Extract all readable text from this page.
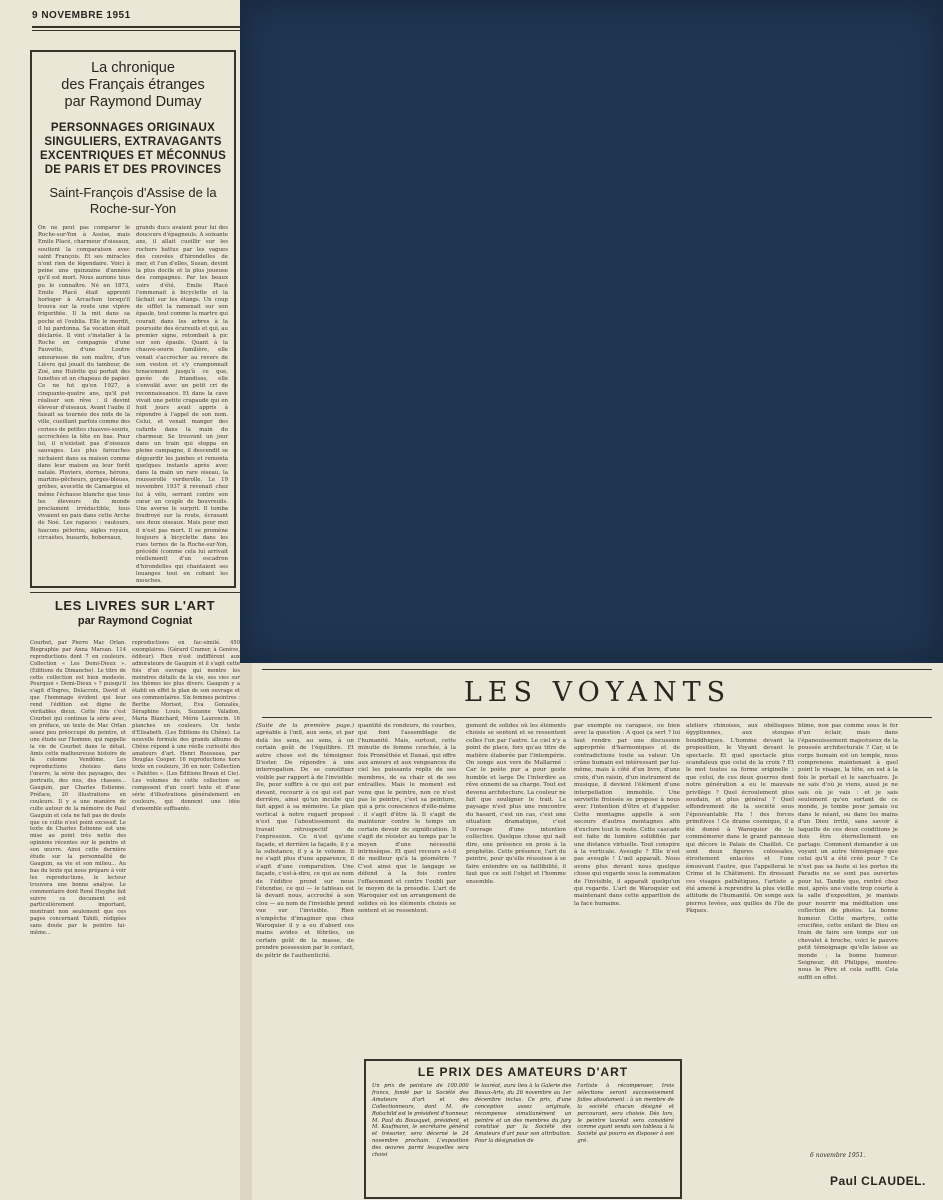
9 NOVEMBRE 1951
La chronique
des Français étranges
par Raymond Dumay
PERSONNAGES ORIGINAUX SINGULIERS, EXTRAVAGANTS EXCENTRIQUES ET MÉCONNUS DE PARIS ET DES PROVINCES
Saint-François d'Assise de la Roche-sur-Yon
On ne peut pas comparer le Roche-sur-Yon à Assise, mais Emile Placé, charmeur d'oiseaux, soutient la comparaison avec saint François. Et ses miracles n'ont rien de légendaire. Voici à peine une quinzaine d'années qu'il est mort. Nous aurions tous pu le connaître. Né en 1873, Emile Placé était apprenti horloger à Arcachon lorsqu'il trouva sur la route une vipère frigorifiée. Il la mit dans sa poche et l'oublia. Elle le mordit, il lui pardonna. Sa vocation était déclarée. Il vint s'installer à la Roche en compagnie d'une Fauvette, d'une Loutre amoureuse de son maître, d'un Lièvre qui jouait du tambour, de Zoé, une Hulotte qui portait des lunettes et un chapeau de papier. Ce ne fut qu'en 1927, à cinquante-quatre ans, qu'il put réaliser son rêve : il devint éleveur d'oiseaux. Avant l'aube il faisait sa tournée des nids de la ville, cueillant parfois comme des cerises de petites chauves-souris, accrochées la tête en bas. Pour lui, il n'existait pas d'oiseaux sauvages. Les plus farouches nichaient dans sa maison comme dans leur maison au leur forêt natale. Pluviers, sternes, hérons, martins-pêcheurs, gorges-bleues, grèbes, avocette de Camargue et même l'échasse blanche que tous les éleveurs du monde proclament irréductible, tous vivaient en paix dans cette Arche de Noé. Les rapaces : vautours, faucons pèlerins, aigles royaux, circaètes, busards, hobereaux,
grands ducs avaient pour lui des douceurs d'épagneuls. A soixante ans, il allait cueillir sur les rochers battus par les vagues des couvées d'hirondelles de mer, et l'un d'elles, Susan, devint la plus docile et la plus joueuse des compagnes. Par les beaux soirs d'été, Emile Placé l'emmenait à bicyclette et la lâchait sur les étangs. Un coup de sifflet la ramenait sur son épaule, tout comme la martre qui courait dans les arbres à la poursuite des écureuils et qui, au premier signe, retombait à pic sur son épaule. Quant à la chauve-souris familière, elle venait s'accrocher au revers de son veston et s'y cramponnait tenacement jusqu'à ce que, gavée de friandises, elle s'envolât avec un petit cri de reconnaissance. Et dans la cave vivait une petite crapaude qui en huit jours avait appris à répondre à l'appel de son nom. Celui, et venait manger des cafards dans la main du charmeur. Se trouvant un jour dans un train qui stoppa en pleine campagne, il descendit se dégourdir les jambes et remonta quelques instants après avec dans la main un rare oiseau, la rousserolle verderolle. Le 19 novembre 1937 il revenait chez lui à vélo, serrant contre son cœur un couple de bouvreuils. Une averse le surprit. Il tomba foudroyé sur la route, écrasant ses deux oiseaux. Mais pour moi il n'est pas mort. Il se promène toujours à bicyclette dans les rues ternes de la Roche-sur-Yon, précédé (comme cela lui arrivait réellement) d'un escadron d'hirondelles qui chantaient ses louanges tout en cobant les mouches.
LES LIVRES SUR L'ART
par Raymond Cogniat
Courbet, par Pierre Mac Orlan. Biographie par Anna Marsan. 114 reproductions dont 7 en couleurs. Collection « Les Demi-Dieux ». (Editions du Dimanche). Le titre de cette collection est bien modeste. Pourquoi « Demi-Dieux » ? puisqu'il s'agit d'Ingres, Delacroix, David et que l'hommage évident qui leur rend l'édition est digne de véritables dieux. Cette fois c'est Courbet qui continue la série avec, en préface, un texte de Mac Orlan assez peu préoccupé du peintre, et une étude sur l'homme, qui rappelle la vie de Courbet dans le détail. Amis cette malheureuse histoire de la colonne Vendôme. Les reproductions choisies dans l'œuvre, la série des paysages, des portraits, des nus, des chasses... Gauguin, par Charles Estienne. Préface, 20 illustrations en couleurs. Il y a une manière de culte autour de la mémoire de Paul Gauguin et cela ne fait pas de doute que ce culte n'est point excessif. Le texte de Charles Estienne est une mise au point très nette des opinions récentes sur le peintre et son œuvre. Ainsi cette dernière étude sur la personnalité de Gauguin, sa vie et son milieu... Au bas du texte qui nous prépare à voir les reproductions, le lecteur trouvera une bonne analyse. Le commentaire dont René Huyghe fait suivre ce document est particulièrement important, montrant non seulement que ces pages concernant Tahiti, rédigées sans doute par le peintre lui-même...
reproductions en fac-similé. 450 exemplaires. (Gérard Cramer, à Genève, éditeur). Rien n'est indifférent aux admirateurs de Gauguin et il s'agit cette fois d'un ouvrage qui montre les moindres détails de la vie, ses vies sur les thèmes les plus divers. Gauguin y a établi en effet le plan de son ouvrage et ses commentaires. Six femmes peintres : Berthe Morisot, Eva Gonzalès, Séraphine Louis, Suzanne Valadon, Maria Blanchard, Mérie Laurencin. 16 planches en couleurs. Un texte d'Elisabeth. (Les Éditions du Chêne). La nouvelle formule des grands albums de Chêne répond à une réelle curiosité des amateurs d'art. Henri Rousseau, par Douglas Cooper. 16 reproductions hors texte en couleurs, 36 en noir. Collection « Palettes ». (Les Éditions Braun et Cie). Les volumes de cette collection se composent d'un court texte et d'une série d'illustrations généralement en couleurs, qui donnent une idée d'ensemble suffisante.
LES VOYANTS
(Suite de la première page.) agréable à l'œil, aux sens, et par delà les sens, au sens, à un certain goût de l'équilibre. Et autre chose est de témoigner. D'ester. De répondre à une interrogation. De se constituer visible par rapport à de l'invisible. De, pour suffire à ce qui est par devant, recourir à ce qui est par derrière, ainsi qu'un incube qui fait appel à sa mémoire. Le plan vertical à notre regard proposé n'est que l'aboutissement du travail rétrospectif de l'expression. Ce n'est qu'une façade, et derrière la façade, il y a la substance, il y a le volume. Il ne s'agit plus d'une apparence, il s'agit d'une comparution. Une façade, c'est-à-dire, ce qui au nom de l'édifice prend sur nous l'étendue, ce qui — le tableau est là devant nous, accroché à son clou — au nom de l'invisible prend vue sur l'invisible. Rien n'empêche d'imaginer que chez Waroquier il y a eu d'abord ces mains avides et fébriles, un certain goût de la masse, de prendre possession par le contact, de pétrir de l'authenticité.
quantité de rondeurs, de courbes, qui font l'assemblage de l'humanité. Mais, surtout, cette minutie de femme couchée, à la fois Prométhée et Danaé, qui offre aux amours et aux vengeances du ciel les puissants replis de ses membres, de sa chair et de ses entrailles. Mais le moment est venu que le peintre, non ce n'est pas le peintre, c'est sa peinture, qui a pris conscience d'elle-même : il s'agit d'être là. Il s'agit de maintenir contre le temps un certain devoir de signification. Il s'agit de résister au temps par le moyen d'une nécessité intrinsèque. Et quel recours a-t-il de meilleur qu'à la géométrie ? C'est ainsi que le langage se défend à la fois contre l'effacement et contre l'oubli par le moyen de la prosodie. L'art de Waroquier est un arrangement de solides où les éléments choisis se sentent et se ressentent.
gement de solides où les éléments choisis se sentent et se ressentent celles l'un par l'autre. Le ciel n'y a point de place, fors qu'au titre de matière élaborée par l'intempérie. On songe aux vers de Mallarmé : Car le poète pur a pour geste humble et large De l'interdire au rêve ennemi de sa charge. Tout est devenu architecture. La couleur ne fait que souligner le trait. Le paysage n'est plus une rencontre du hasard, c'est un cas, c'est une situation dramatique, c'est l'ouvrage d'une intention collective. Quelque chose qui naît dire, une présence en proie à la prophétie. Cette présence, l'art du peintre, pour qu'elle réussisse à se faire entendre en sa faillibilité, il faut que ce soit l'objet et l'homme ensemble.
par exemple ou carapace, ou bien avec la question : A quoi ça sert ? lui faut rendre par une discussion appropriée d'harmoniques et de contradictions toute sa valeur. Un crâne humain est intéressant par lui-même, mais à côté d'un livre, d'une croix, d'un raisin, d'un instrument de musique, il devient l'élément d'une interpellation immobile. Une serviette froissée se propose à nous avec l'intention d'être et d'appeler. Cette montagne appelle à son secours d'autres montagnes afin d'exclure tout le reste. Cette cascade est faite de lumière solidifiée par une distance virtuelle. Tout conspire à la verticale. Aveugle ? Elle n'est pas aveugle ! L'œil apparaît. Nous avons plus devant nous quelque chose qui regarde sous la sommation de l'invisible, il apparaît quelqu'un qui regarde. L'art de Waroquier est maintenant dans cette apparition de la face humaine.
ateliers chinoises, aux obélisques égyptiennes, aux stoupas bouddhiques. L'homme devant la proposition, le Voyant devant le spectacle. Et quel spectacle plus scandaleux que celui de la croix ? Et le mot toutes sa forme originelle : que celui, de ces deux guerres dont notre génération a eu le mauvais privilège ? Quel écroulement plus soudain, et plus général ? Quel effondrement de la société sous l'épouvantable Ha ! des forces primitives ! Ce drame cosmique, il a été donné à Waroquier de le commémorer dans le grand panneau qui décore le Palais de Chaillot. Ce sont deux figures colossales, étroitement enlacées et l'une émouvant l'autre, que l'appellerai le Crime et le Châtiment. En dressant ces visages pathétiques, l'artiste a été amené à reprendre la plus vieille attitude de l'humanité. On songe aux pierres levées, aux quilles de l'île de Pâques.
blime, non pas comme sous le fer d'un éclair, mais dans l'épanouissement majestueux de la poussée architecturale ? Car, si le corps humain est un temple, nous comprenons maintenant à quel point le visage, la tête, en est à la fois le portail et le sanctuaire. Je ne sais d'où je viens, aussi je ne sais où je vais : et je sais seulement qu'en sortant de ce monde, je tombe pour jamais ou dans le néant, ou dans les mains d'un Dieu irrité, sans savoir à laquelle de ces deux conditions je dois être éternellement en partage. Comment demander à un voyant un autre témoignage que celui qu'il a été créé pour ? Ce n'est pas sa faute si les portes du Paradis ne se sont pas ouvertes pour lui. Tandis que, rentré chez moi, après une visite trop courte à la salle d'exposition, je maniais pour nourrir ma méditation une collection de photos. La bonne humeur. Cette martyre, cette crucifiée, cette enfant de Dieu en train de faire son temps sur un chevalet à broche, voici le pauvre petit témoignage qu'elle laisse au monde : la bonne humeur. Seigneur, dit Philippe, montre-nous le Père et cela suffit. Cela suffit en effet.
LE PRIX DES AMATEURS D'ART
Un prix de peinture de 100.000 francs, fondé par la Société des Amateurs d'art et des Collectionneurs, dont M. de Rotschild est le président d'honneur, M. Paul du Bousquet, président, et M. Kaufmann, le secrétaire général et trésorier, sera décerné le 24 novembre prochain. L'exposition des œuvres parmi lesquelles sera choisi
le lauréat, aura lieu à la Galerie des Beaux-Arts, du 26 novembre au 1er décembre inclus. Ce prix, d'une conception assez originale, récompense simultanément un peintre et un des membres du jury constitué par la Société des Amateurs d'art pour son attribution. Pour la désignation de
l'artiste à récompenser, trois sélections seront successivement faites absolument : à un membre de la société chacun désigné et parcourant, sera choisie. Dès lors, le peintre lauréat sera considéré comme ayant vendu son tableau à la Société qui pourra en disposer à son gré.
6 novembre 1951.
Paul CLAUDEL.
